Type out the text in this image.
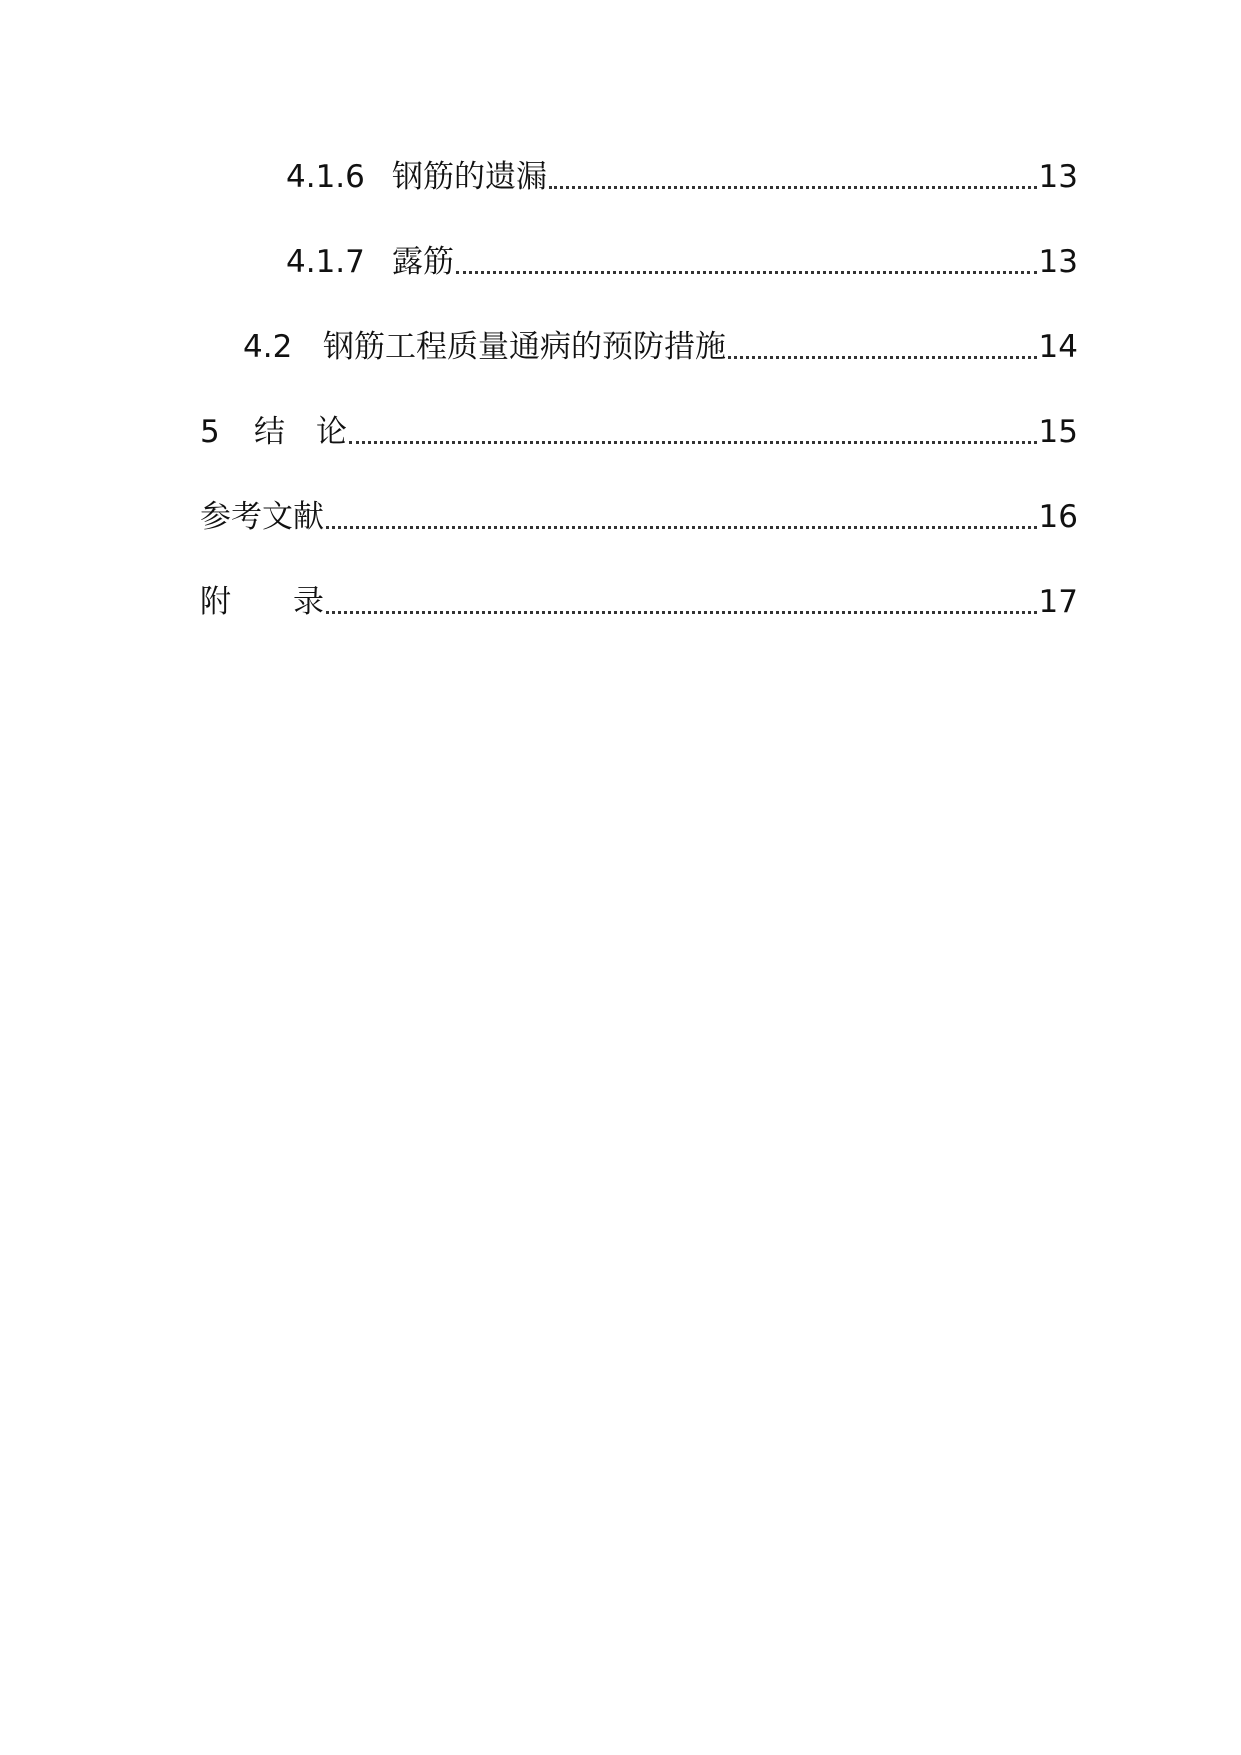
4.1.6 钢筋的遗漏	13
4.1.7 露筋	13
4.2 钢筋工程质量通病的预防措施	14
5	结　论	15
参考文献	16
附　　录	17
